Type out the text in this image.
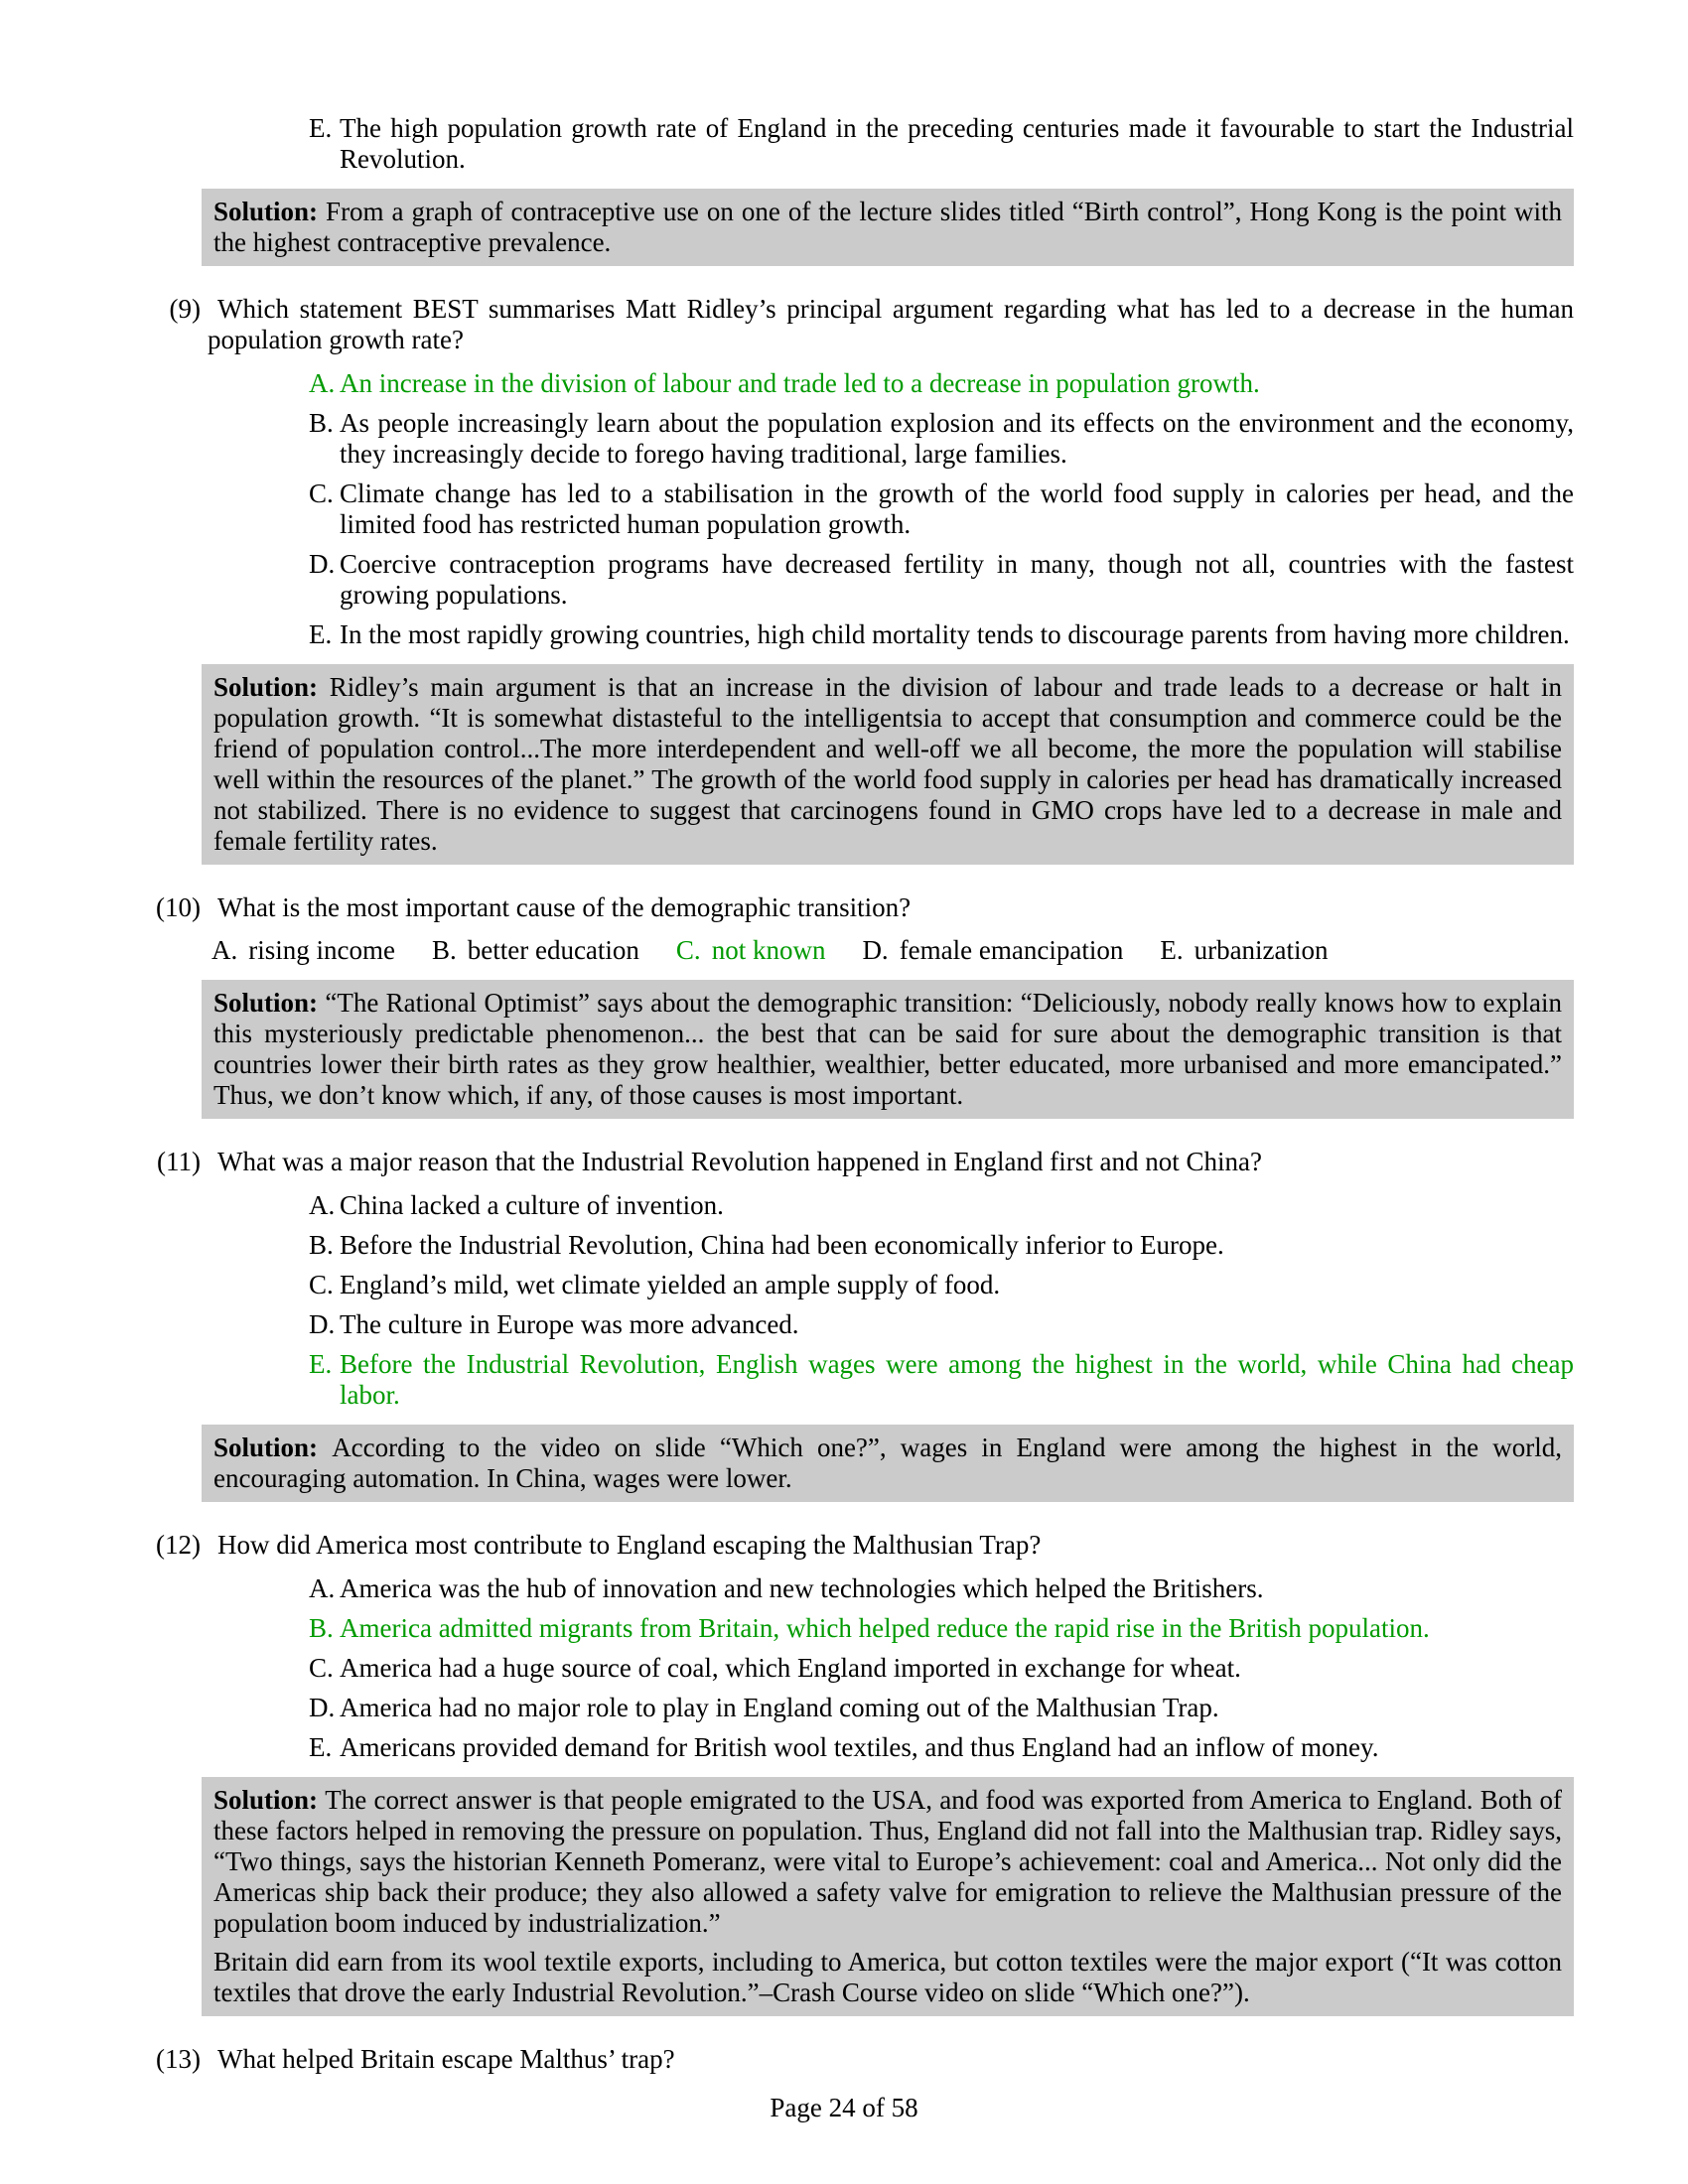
E. The high population growth rate of England in the preceding centuries made it favourable to start the Industrial Revolution.

Solution: From a graph of contraceptive use on one of the lecture slides titled “Birth control”, Hong Kong is the point with the highest contraceptive prevalence.

(9) Which statement BEST summarises Matt Ridley’s principal argument regarding what has led to a decrease in the human population growth rate?
A. An increase in the division of labour and trade led to a decrease in population growth.
B. As people increasingly learn about the population explosion and its effects on the environment and the economy, they increasingly decide to forego having traditional, large families.
C. Climate change has led to a stabilisation in the growth of the world food supply in calories per head, and the limited food has restricted human population growth.
D. Coercive contraception programs have decreased fertility in many, though not all, countries with the fastest growing populations.
E. In the most rapidly growing countries, high child mortality tends to discourage parents from having more children.

Solution: Ridley’s main argument is that an increase in the division of labour and trade leads to a decrease or halt in population growth. “It is somewhat distasteful to the intelligentsia to accept that consumption and commerce could be the friend of population control...The more interdependent and well-off we all become, the more the population will stabilise well within the resources of the planet.” The growth of the world food supply in calories per head has dramatically increased not stabilized. There is no evidence to suggest that carcinogens found in GMO crops have led to a decrease in male and female fertility rates.

(10) What is the most important cause of the demographic transition?
A. rising income B. better education C. not known D. female emancipation E. urbanization

Solution: “The Rational Optimist” says about the demographic transition: “Deliciously, nobody really knows how to explain this mysteriously predictable phenomenon... the best that can be said for sure about the demographic transition is that countries lower their birth rates as they grow healthier, wealthier, better educated, more urbanised and more emancipated.” Thus, we don’t know which, if any, of those causes is most important.

(11) What was a major reason that the Industrial Revolution happened in England first and not China?
A. China lacked a culture of invention.
B. Before the Industrial Revolution, China had been economically inferior to Europe.
C. England’s mild, wet climate yielded an ample supply of food.
D. The culture in Europe was more advanced.
E. Before the Industrial Revolution, English wages were among the highest in the world, while China had cheap labor.

Solution: According to the video on slide “Which one?”, wages in England were among the highest in the world, encouraging automation. In China, wages were lower.

(12) How did America most contribute to England escaping the Malthusian Trap?
A. America was the hub of innovation and new technologies which helped the Britishers.
B. America admitted migrants from Britain, which helped reduce the rapid rise in the British population.
C. America had a huge source of coal, which England imported in exchange for wheat.
D. America had no major role to play in England coming out of the Malthusian Trap.
E. Americans provided demand for British wool textiles, and thus England had an inflow of money.

Solution: The correct answer is that people emigrated to the USA, and food was exported from America to England. Both of these factors helped in removing the pressure on population. Thus, England did not fall into the Malthusian trap. Ridley says, “Two things, says the historian Kenneth Pomeranz, were vital to Europe’s achievement: coal and America... Not only did the Americas ship back their produce; they also allowed a safety valve for emigration to relieve the Malthusian pressure of the population boom induced by industrialization.”

Britain did earn from its wool textile exports, including to America, but cotton textiles were the major export (“It was cotton textiles that drove the early Industrial Revolution.”–Crash Course video on slide “Which one?”).

(13) What helped Britain escape Malthus’ trap?
Page 24 of 58
